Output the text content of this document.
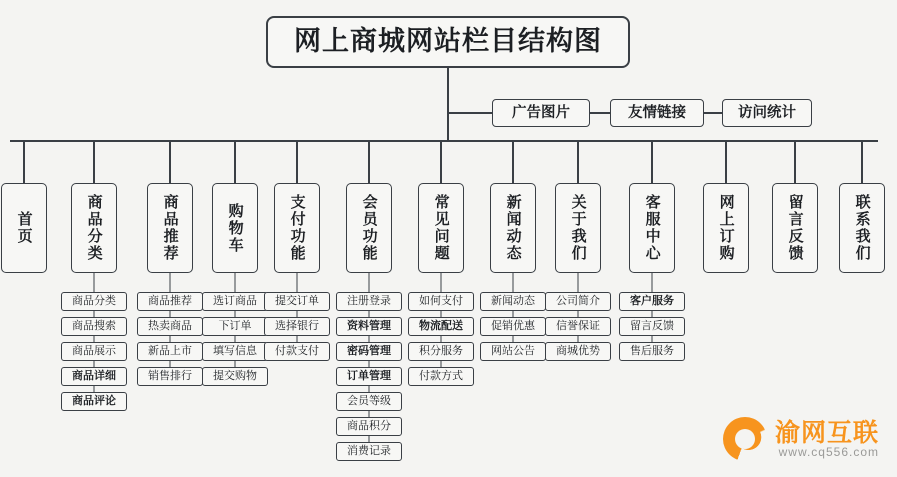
网上商城网站栏目结构图
广告图片	友情链接	访问统计
首页	商品分类
商品分类
商品搜索
商品展示
商品详细
商品评论
商品推荐
商品推荐
热卖商品
新品上市
销售排行
购物车
选订商品
下订单
填写信息
提交购物
支付功能
提交订单
选择银行
付款支付
会员功能
注册登录
资料管理
密码管理
订单管理
会员等级
商品积分
消费记录
常见问题
如何支付
物流配送
积分服务
付款方式
新闻动态
新闻动态
促销优惠
网站公告
关于我们
公司简介
信誉保证
商城优势
客服中心
客户服务
留言反馈
售后服务
网上订购	留言反馈	联系我们
渝网互联
www.cq556.com
